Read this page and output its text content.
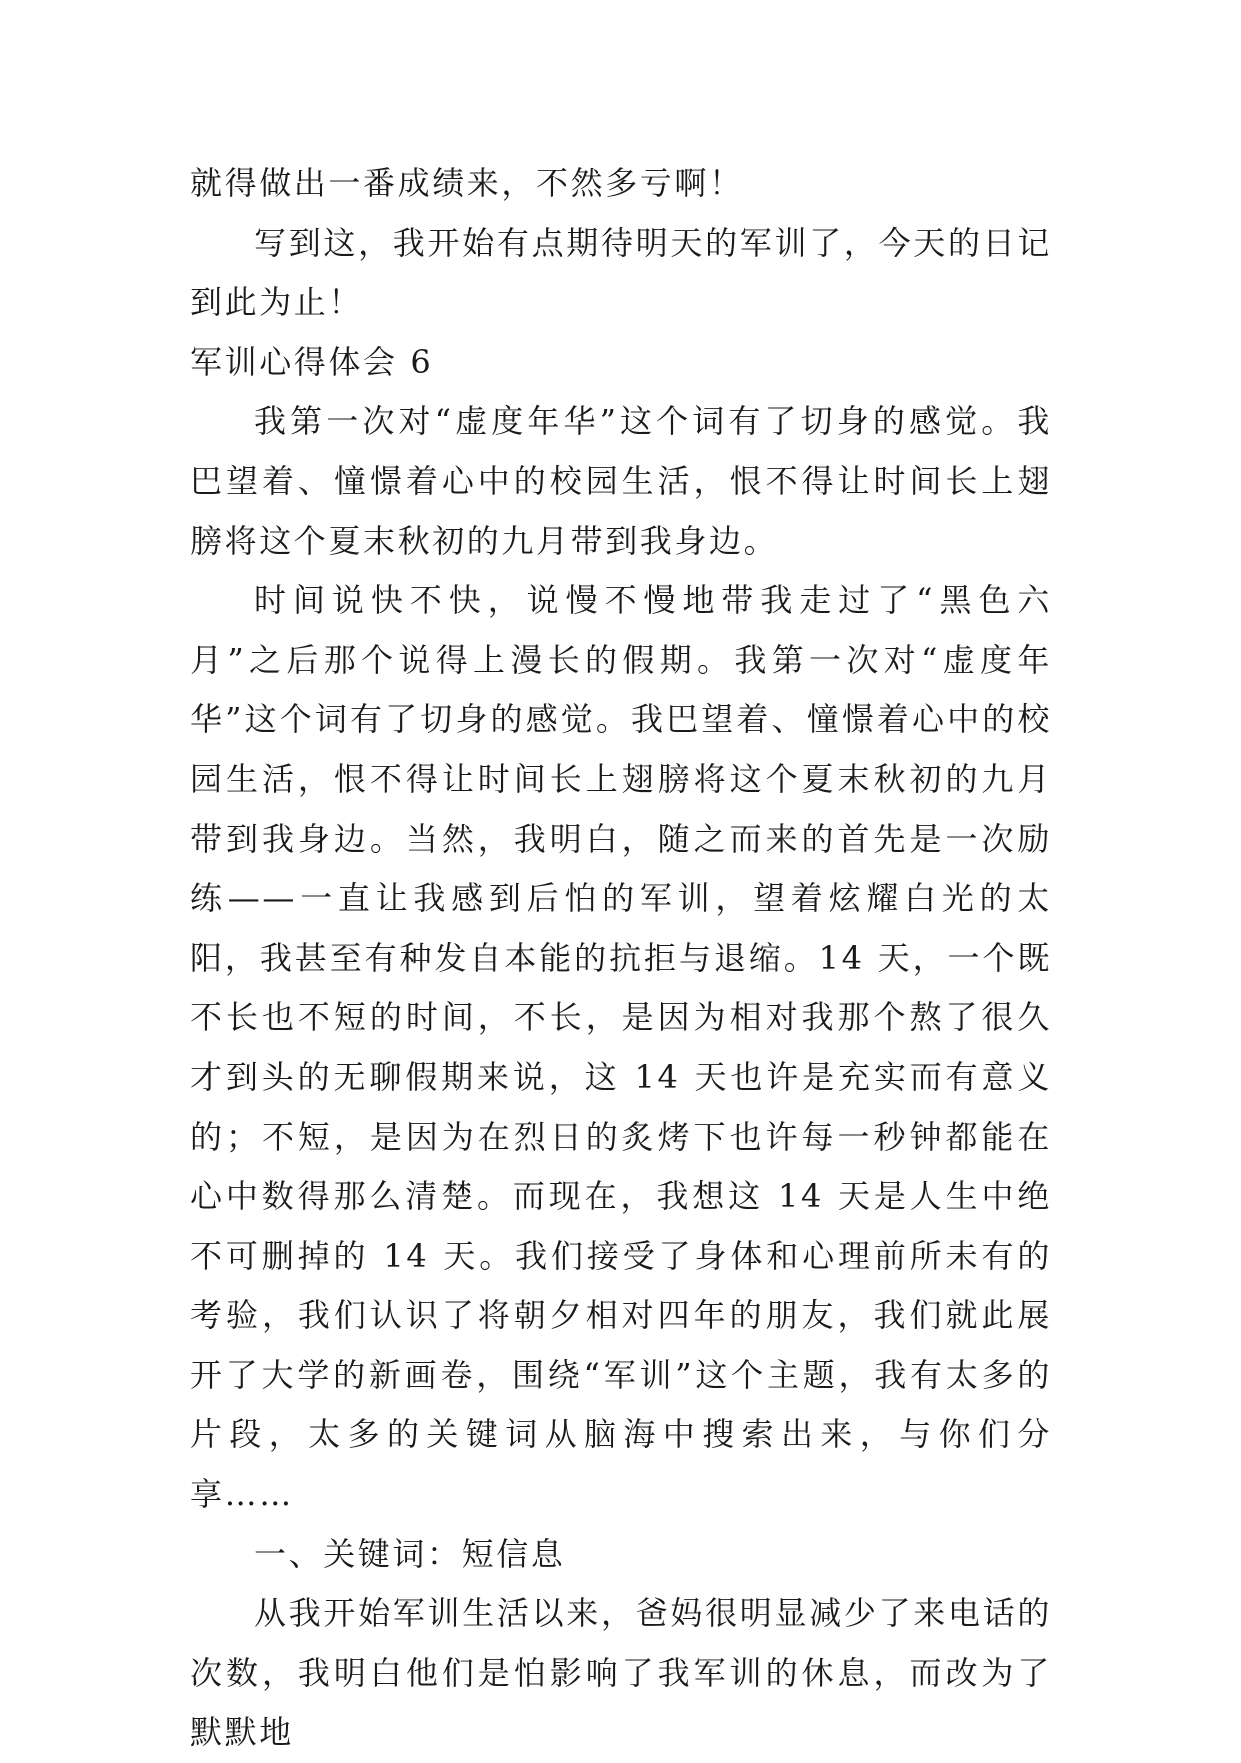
就得做出一番成绩来，不然多亏啊！

写到这，我开始有点期待明天的军训了，今天的日记到此为止！

军训心得体会 6

我第一次对“虚度年华”这个词有了切身的感觉。我巴望着、憧憬着心中的校园生活，恨不得让时间长上翅膀将这个夏末秋初的九月带到我身边。

时间说快不快，说慢不慢地带我走过了“黑色六月”之后那个说得上漫长的假期。我第一次对“虚度年华”这个词有了切身的感觉。我巴望着、憧憬着心中的校园生活，恨不得让时间长上翅膀将这个夏末秋初的九月带到我身边。当然，我明白，随之而来的首先是一次励练——一直让我感到后怕的军训，望着炫耀白光的太阳，我甚至有种发自本能的抗拒与退缩。14 天，一个既不长也不短的时间，不长，是因为相对我那个熬了很久才到头的无聊假期来说，这 14 天也许是充实而有意义的；不短，是因为在烈日的炙烤下也许每一秒钟都能在心中数得那么清楚。而现在，我想这 14 天是人生中绝不可删掉的 14 天。我们接受了身体和心理前所未有的考验，我们认识了将朝夕相对四年的朋友，我们就此展开了大学的新画卷，围绕“军训”这个主题，我有太多的片段，太多的关键词从脑海中搜索出来，与你们分享……

一、关键词：短信息

从我开始军训生活以来，爸妈很明显减少了来电话的次数，我明白他们是怕影响了我军训的休息，而改为了默默地
